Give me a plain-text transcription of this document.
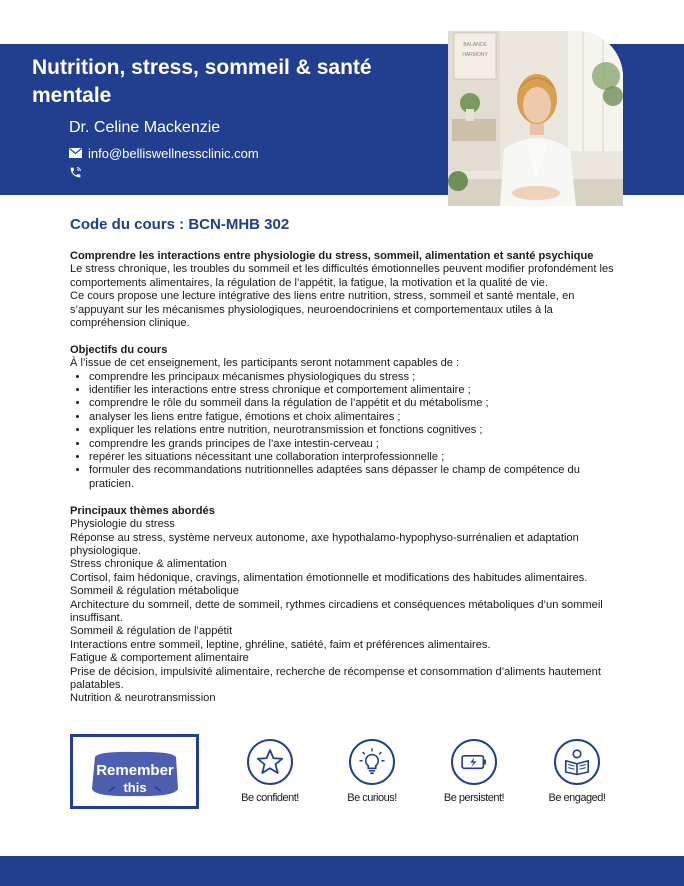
Nutrition, stress, sommeil & santé mentale
Dr. Celine Mackenzie
info@belliswellnessclinic.com
BALANCE
HARMONY
Code du cours : BCN-MHB 302

Comprendre les interactions entre physiologie du stress, sommeil, alimentation et santé psychique

Le stress chronique, les troubles du sommeil et les difficultés émotionnelles peuvent modifier profondément les comportements alimentaires, la régulation de l’appétit, la fatigue, la motivation et la qualité de vie.

Ce cours propose une lecture intégrative des liens entre nutrition, stress, sommeil et santé mentale, en s’appuyant sur les mécanismes physiologiques, neuroendocriniens et comportementaux utiles à la compréhension clinique.

Objectifs du cours

À l’issue de cet enseignement, les participants seront notamment capables de :

• comprendre les principaux mécanismes physiologiques du stress ;
• identifier les interactions entre stress chronique et comportement alimentaire ;
• comprendre le rôle du sommeil dans la régulation de l’appétit et du métabolisme ;
• analyser les liens entre fatigue, émotions et choix alimentaires ;
• expliquer les relations entre nutrition, neurotransmission et fonctions cognitives ;
• comprendre les grands principes de l’axe intestin-cerveau ;
• repérer les situations nécessitant une collaboration interprofessionnelle ;
• formuler des recommandations nutritionnelles adaptées sans dépasser le champ de compétence du praticien.

Principaux thèmes abordés

Physiologie du stress

Réponse au stress, système nerveux autonome, axe hypothalamo-hypophyso-surrénalien et adaptation physiologique.

Stress chronique & alimentation

Cortisol, faim hédonique, cravings, alimentation émotionnelle et modifications des habitudes alimentaires.

Sommeil & régulation métabolique

Architecture du sommeil, dette de sommeil, rythmes circadiens et conséquences métaboliques d’un sommeil insuffisant.

Sommeil & régulation de l’appétit

Interactions entre sommeil, leptine, ghréline, satiété, faim et préférences alimentaires.

Fatigue & comportement alimentaire

Prise de décision, impulsivité alimentaire, recherche de récompense et consommation d’aliments hautement palatables.

Nutrition & neurotransmission

Remember
this
Be confident!	Be curious!	Be persistent!	Be engaged!
